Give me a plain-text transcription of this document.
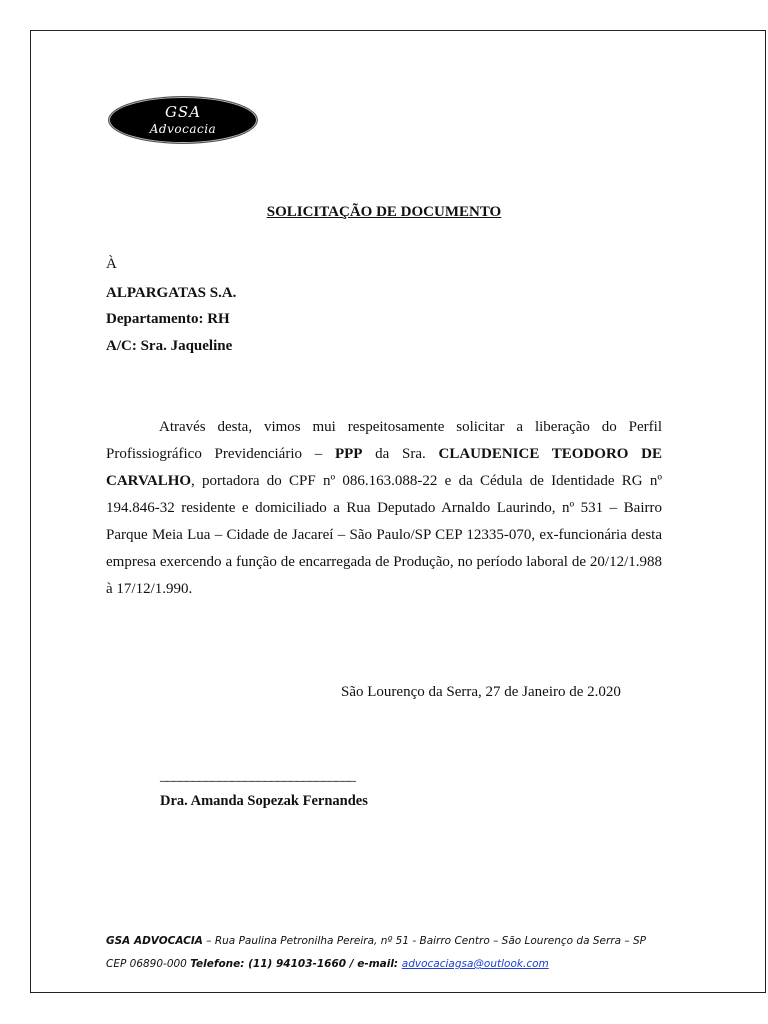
GSA
Advocacia
SOLICITAÇÃO DE DOCUMENTO
À
ALPARGATAS S.A.
Departamento: RH
A/C: Sra. Jaqueline
Através desta, vimos mui respeitosamente solicitar a liberação do Perfil Profissiográfico Previdenciário – PPP da Sra. CLAUDENICE TEODORO DE CARVALHO, portadora do CPF nº 086.163.088-22 e da Cédula de Identidade RG nº 194.846-32 residente e domiciliado a Rua Deputado Arnaldo Laurindo, nº 531 – Bairro Parque Meia Lua – Cidade de Jacareí – São Paulo/SP CEP 12335-070, ex-funcionária desta empresa exercendo a função de encarregada de Produção, no período laboral de 20/12/1.988 à 17/12/1.990.
São Lourenço da Serra, 27 de Janeiro de 2.020
______________________________
Dra. Amanda Sopezak Fernandes
GSA ADVOCACIA – Rua Paulina Petronilha Pereira, nº 51 - Bairro Centro – São Lourenço da Serra – SP
CEP 06890-000 Telefone: (11) 94103-1660 / e-mail: advocaciagsa@outlook.com
